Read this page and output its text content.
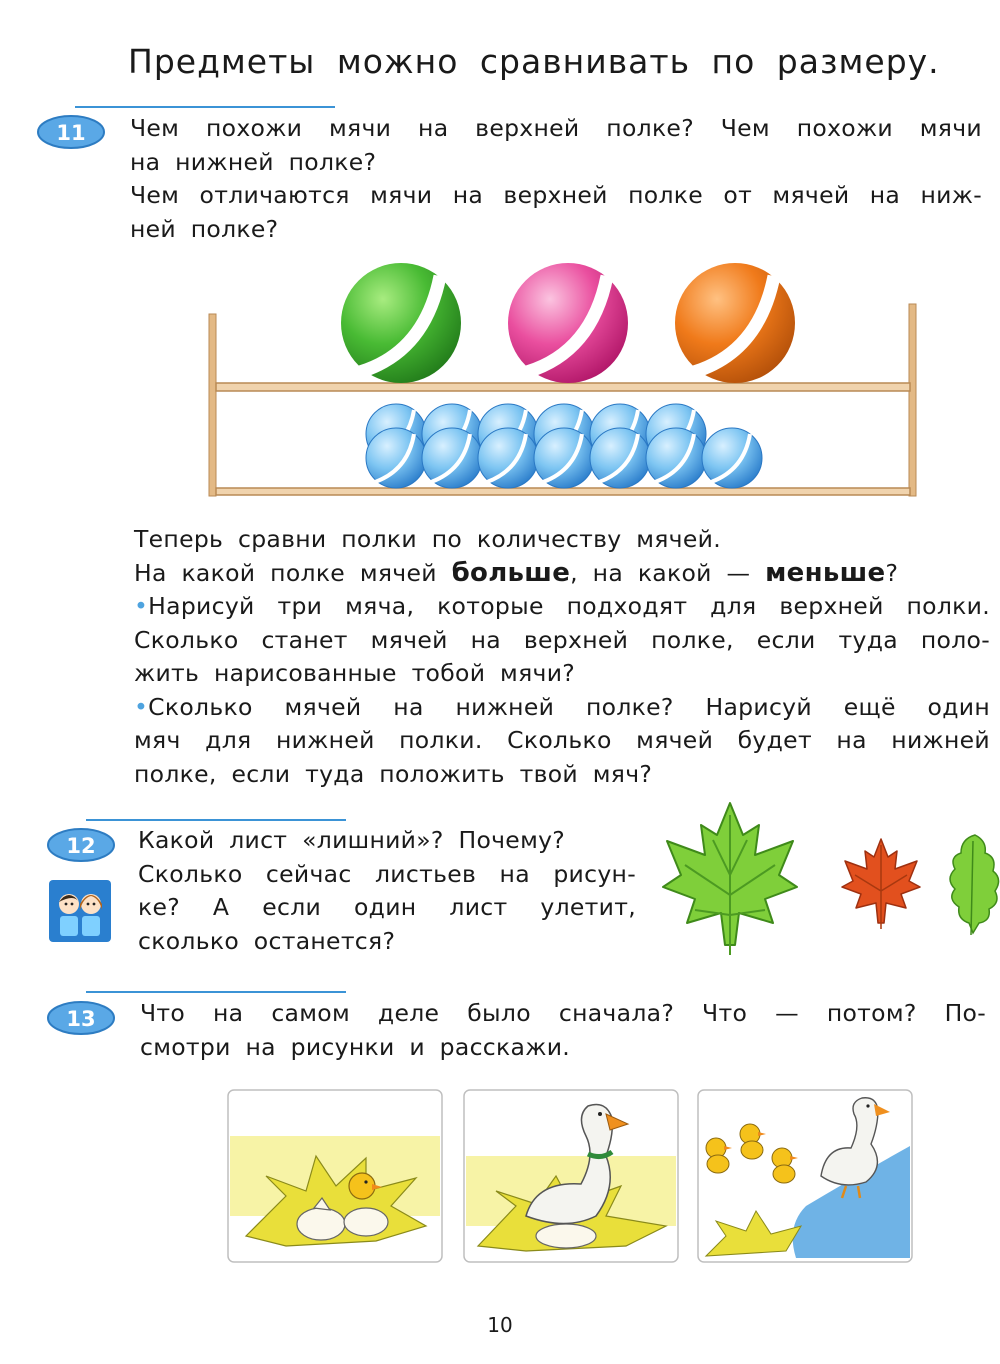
Предметы можно сравнивать по размеру.
11 Чем похожи мячи на верхней полке? Чем похожи мячи
на нижней полке?
Чем отличаются мячи на верхней полке от мячей на ниж-
ней полке?
Теперь сравни полки по количеству мячей.
На какой полке мячей больше, на какой — меньше?
•Нарисуй три мяча, которые подходят для верхней полки.
Сколько станет мячей на верхней полке, если туда поло-
жить нарисованные тобой мячи?
•Сколько мячей на нижней полке? Нарисуй ещё один
мяч для нижней полки. Сколько мячей будет на нижней
полке, если туда положить твой мяч?
12 Какой лист «лишний»? Почему?
Сколько сейчас листьев на рисун-
ке? А если один лист улетит,
сколько останется?
13 Что на самом деле было сначала? Что — потом? По-
смотри на рисунки и расскажи.
10
